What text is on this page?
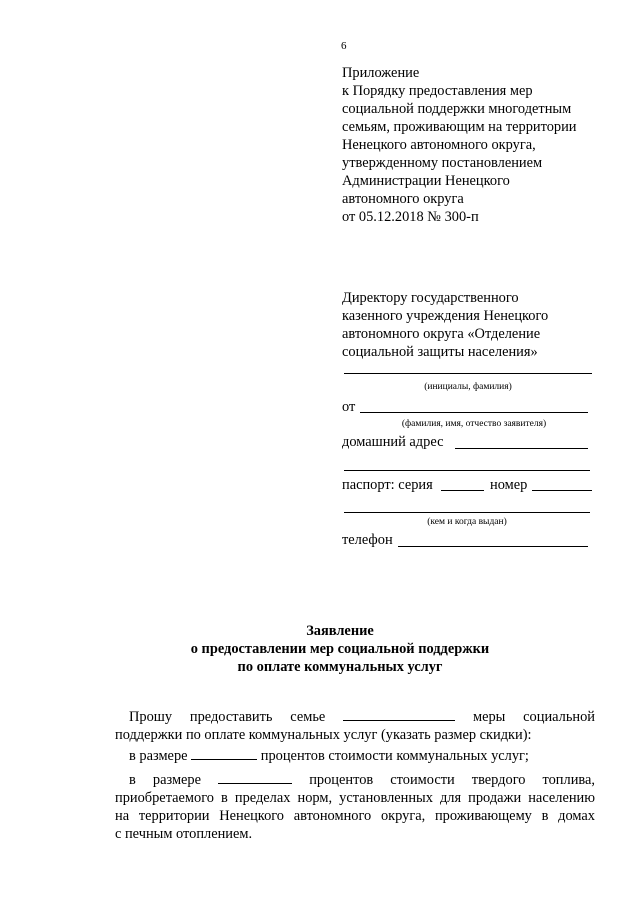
6
Приложение
к Порядку предоставления мер
социальной поддержки многодетным
семьям, проживающим на территории
Ненецкого автономного округа,
утвержденному постановлением
Администрации Ненецкого
автономного округа
от 05.12.2018 № 300-п
Директору государственного
казенного учреждения Ненецкого
автономного округа «Отделение
социальной защиты населения»
(инициалы, фамилия)
от
(фамилия, имя, отчество заявителя)
домашний адрес
паспорт: серия	номер
(кем и когда выдан)
телефон
Заявление
о предоставлении мер социальной поддержки
по оплате коммунальных услуг
Прошу предоставить семье	меры социальной
поддержки по оплате коммунальных услуг (указать размер скидки):
в размере	процентов стоимости коммунальных услуг;
в размере	процентов стоимости твердого топлива,
приобретаемого в пределах норм, установленных для продажи населению
на территории Ненецкого автономного округа, проживающему в домах
с печным отоплением.
